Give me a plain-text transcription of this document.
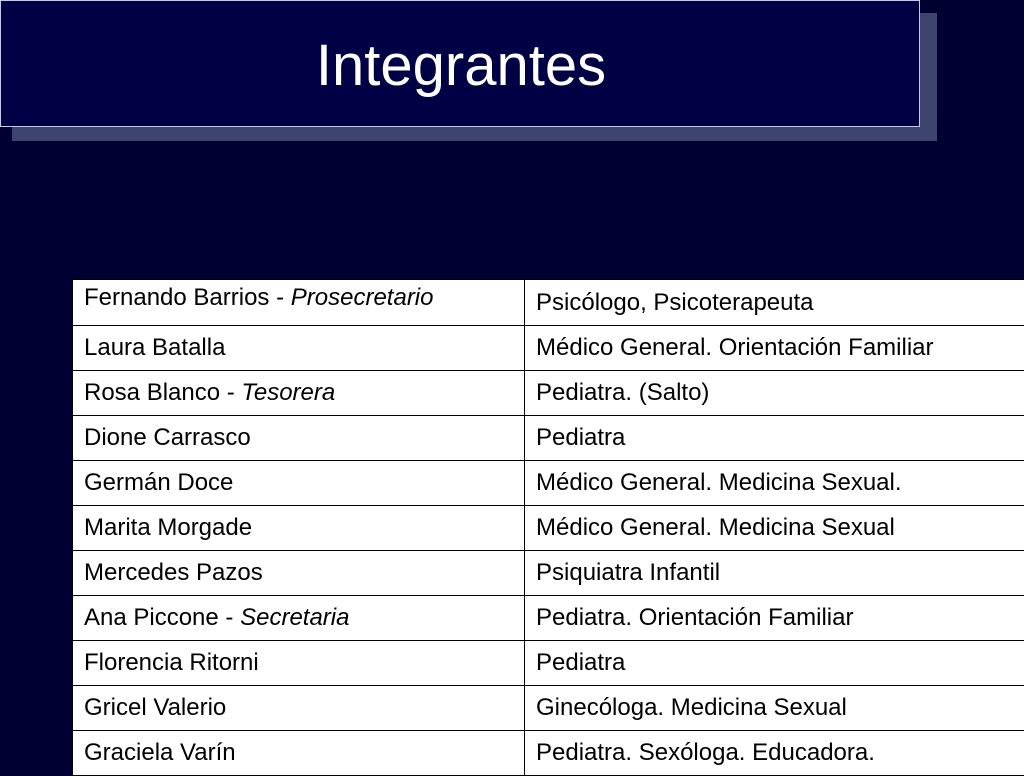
Integrantes
Fernando Barrios - Prosecretario	Psicólogo, Psicoterapeuta
Laura Batalla	Médico General. Orientación Familiar
Rosa Blanco - Tesorera	Pediatra. (Salto)
Dione Carrasco	Pediatra
Germán Doce	Médico General. Medicina Sexual.
Marita Morgade	Médico General. Medicina Sexual
Mercedes Pazos	Psiquiatra Infantil
Ana Piccone - Secretaria	Pediatra. Orientación Familiar
Florencia Ritorni	Pediatra
Gricel Valerio	Ginecóloga. Medicina Sexual
Graciela Varín	Pediatra. Sexóloga. Educadora.
